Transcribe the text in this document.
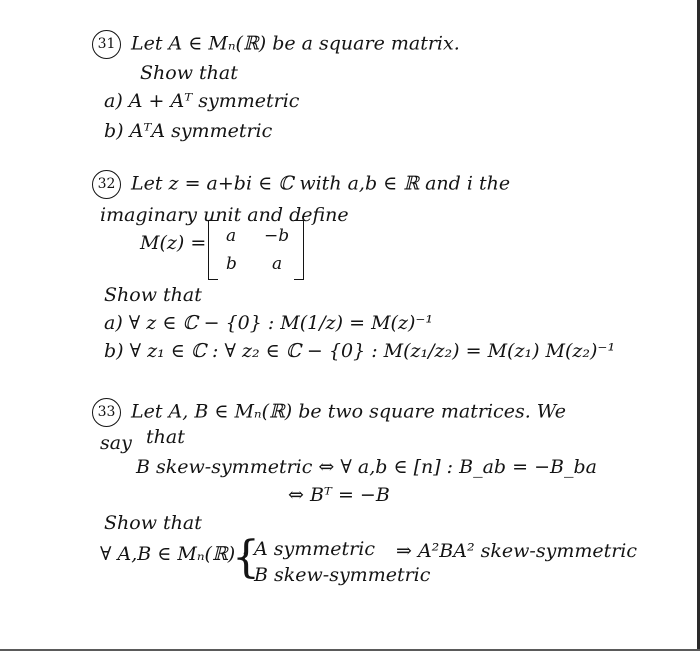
31 Let A ∈ Mₙ(ℝ) be a square matrix.
Show that
a) A + Aᵀ symmetric
b) AᵀA symmetric
32 Let z = a+bi ∈ ℂ with a,b ∈ ℝ and i the
imaginary unit and define
M(z) = a −b
b a
Show that
a) ∀ z ∈ ℂ − {0} : M(1/z) = M(z)⁻¹
b) ∀ z₁ ∈ ℂ : ∀ z₂ ∈ ℂ − {0} : M(z₁/z₂) = M(z₁) M(z₂)⁻¹
33 Let A, B ∈ Mₙ(ℝ) be two square matrices. We
say that
B skew-symmetric ⇔ ∀ a,b ∈ [n] : B_ab = −B_ba
⇔ Bᵀ = −B
Show that
∀ A,B ∈ Mₙ(ℝ) :
{
A symmetric
B skew-symmetric
⇒ A²BA² skew-symmetric
